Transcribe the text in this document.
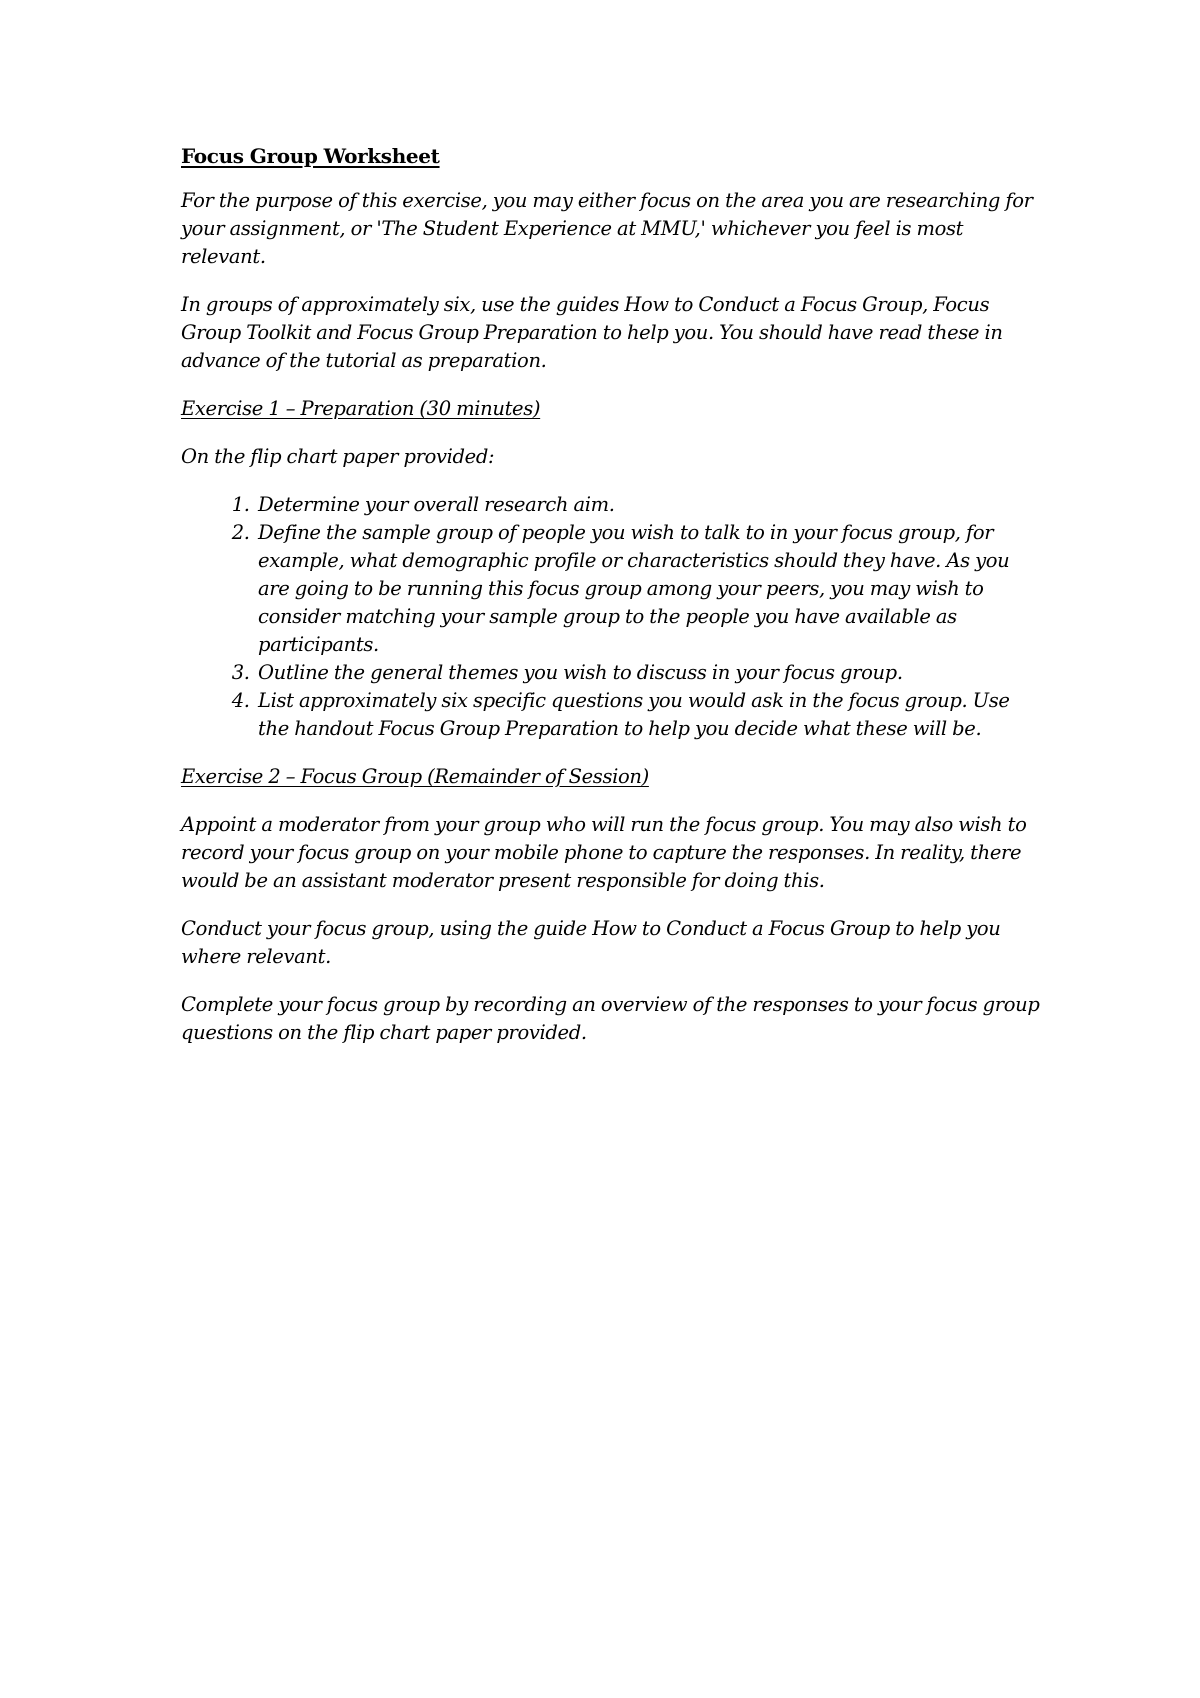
Focus Group Worksheet

For the purpose of this exercise, you may either focus on the area you are researching for your assignment, or 'The Student Experience at MMU,' whichever you feel is most relevant.

In groups of approximately six, use the guides How to Conduct a Focus Group, Focus Group Toolkit and Focus Group Preparation to help you. You should have read these in advance of the tutorial as preparation.

Exercise 1 – Preparation (30 minutes)

On the flip chart paper provided:

1. Determine your overall research aim.
2. Define the sample group of people you wish to talk to in your focus group, for example, what demographic profile or characteristics should they have. As you are going to be running this focus group among your peers, you may wish to consider matching your sample group to the people you have available as participants.
3. Outline the general themes you wish to discuss in your focus group.
4. List approximately six specific questions you would ask in the focus group. Use the handout Focus Group Preparation to help you decide what these will be.

Exercise 2 – Focus Group (Remainder of Session)

Appoint a moderator from your group who will run the focus group. You may also wish to record your focus group on your mobile phone to capture the responses. In reality, there would be an assistant moderator present responsible for doing this.

Conduct your focus group, using the guide How to Conduct a Focus Group to help you where relevant.

Complete your focus group by recording an overview of the responses to your focus group questions on the flip chart paper provided.
